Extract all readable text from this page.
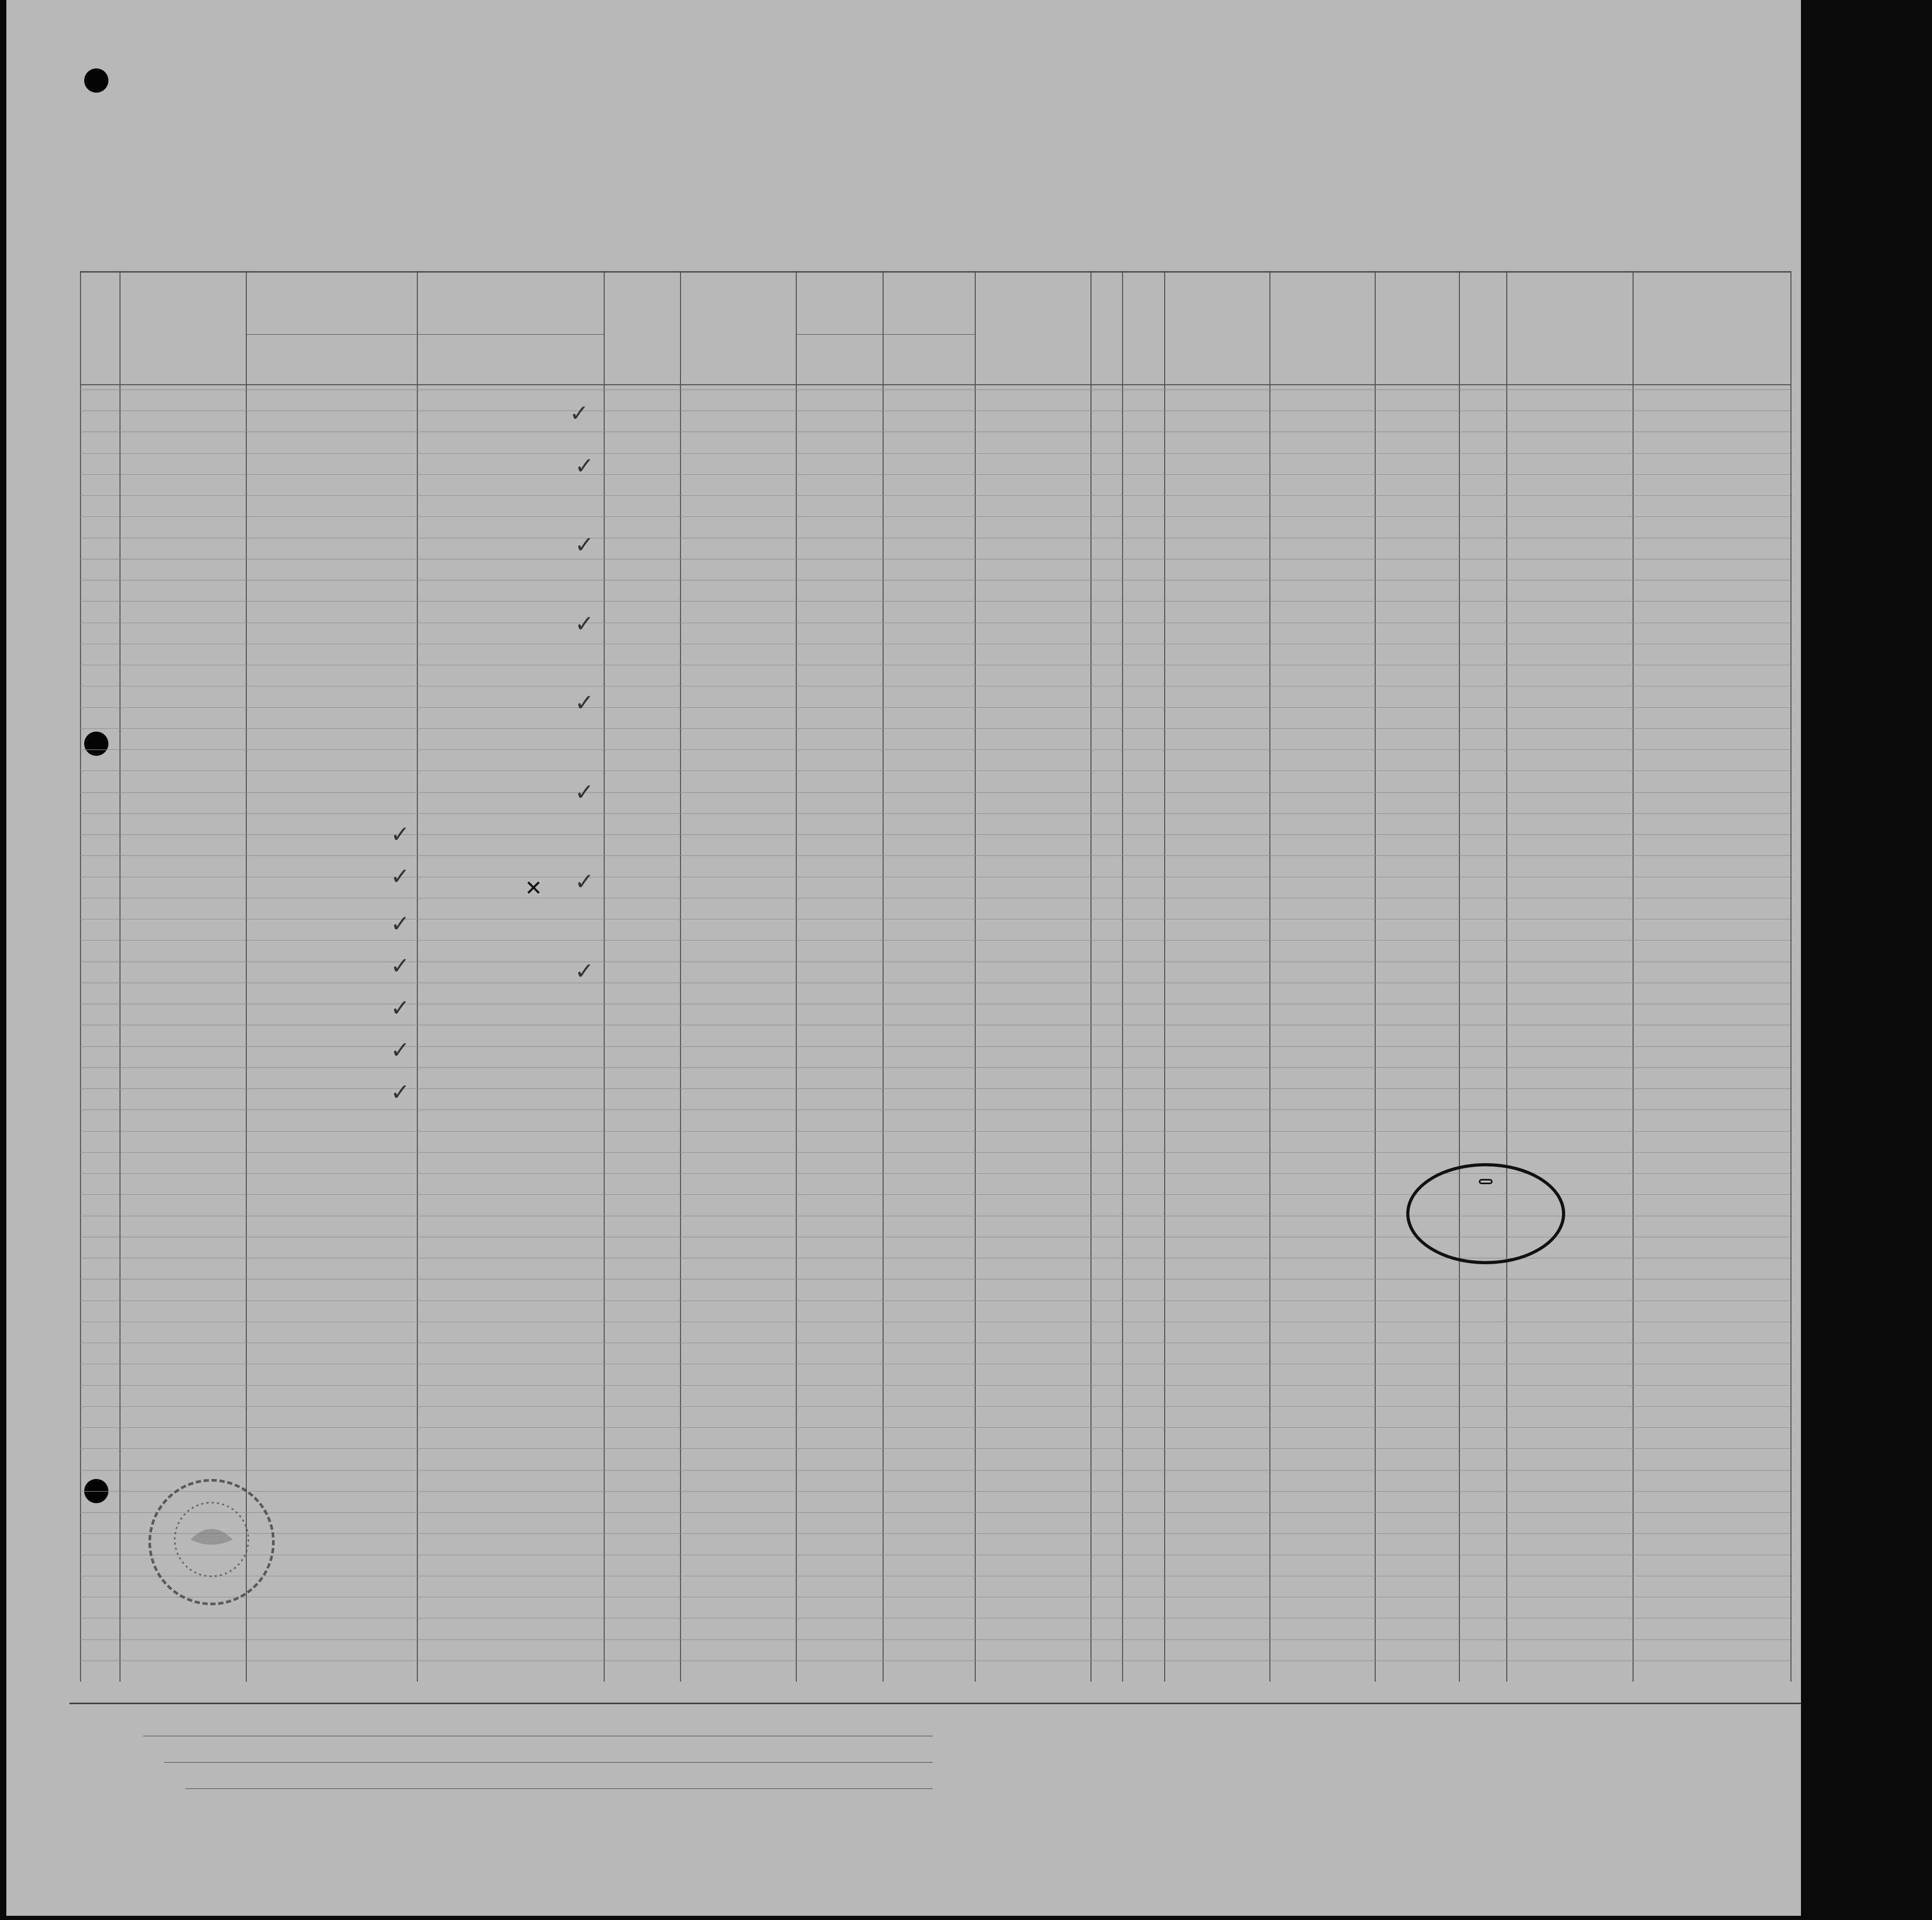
✓
✓
✓
✓
✓
✓
✓
✓
✓
✓
✓
✓
✓
✓
✓
✕
